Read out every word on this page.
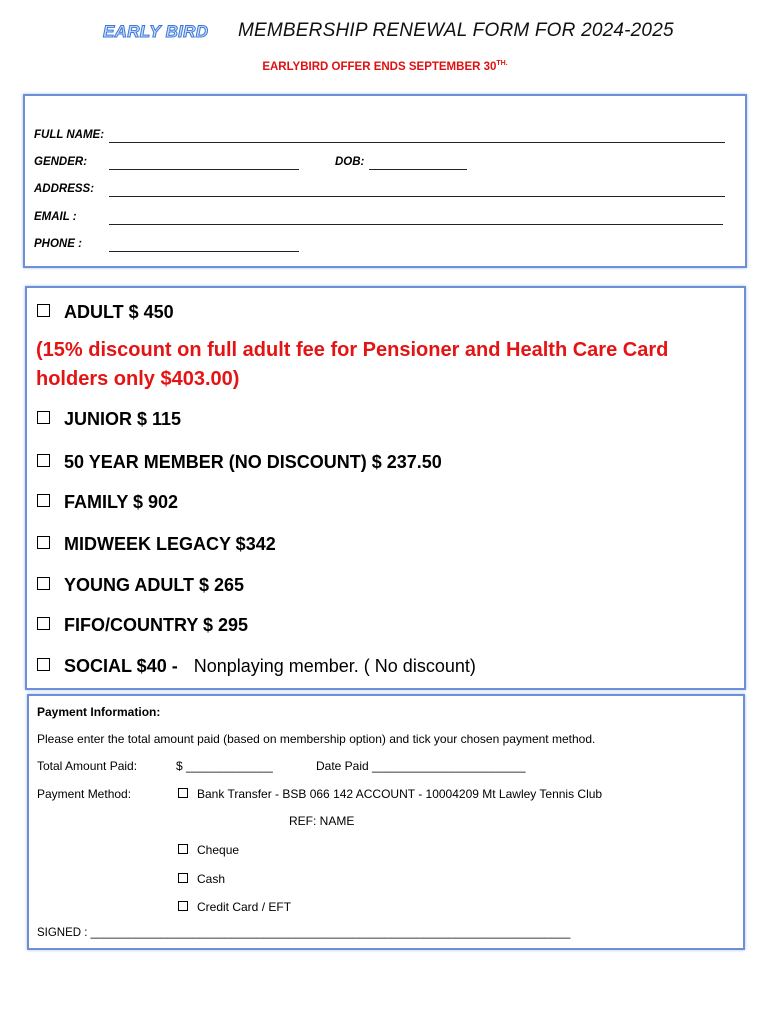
EARLY BIRD MEMBERSHIP RENEWAL FORM FOR 2024-2025
EARLYBIRD OFFER ENDS SEPTEMBER $30^{TH.}$
FULL NAME:
GENDER:	DOB:
ADDRESS:
EMAIL :
PHONE :
ADULT $ 450
(15% discount on full adult fee for Pensioner and Health Care Card holders only $403.00)
JUNIOR $ 115
50 YEAR MEMBER (NO DISCOUNT) $ 237.50
FAMILY $ 902
MIDWEEK LEGACY $342
YOUNG ADULT $ 265
FIFO/COUNTRY $ 295
SOCIAL $40 - Nonplaying member. ( No discount)
Payment Information:
Please enter the total amount paid (based on membership option) and tick your chosen payment method.
Total Amount Paid:	$ _____________	Date Paid _______________________
Payment Method:	Bank Transfer - BSB 066 142 ACCOUNT - 10004209 Mt Lawley Tennis Club
REF: NAME
Cheque
Cash
Credit Card / EFT
SIGNED : ___________________________________________________________________________
